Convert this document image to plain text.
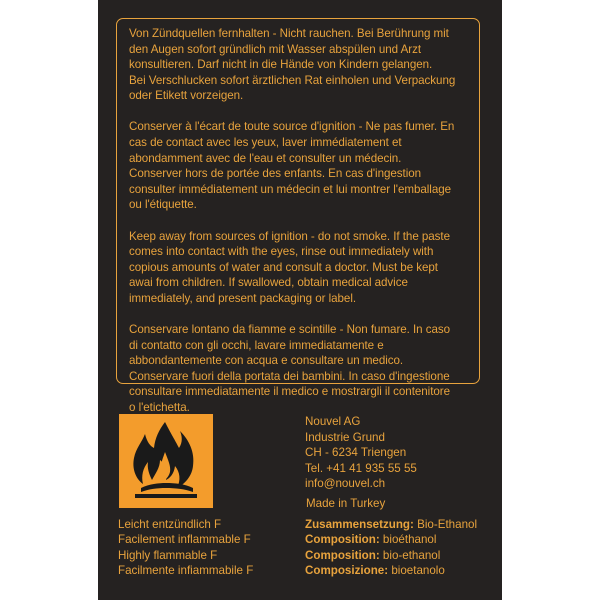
Von Zündquellen fernhalten - Nicht rauchen. Bei Berührung mit
den Augen sofort gründlich mit Wasser abspülen und Arzt
konsultieren. Darf nicht in die Hände von Kindern gelangen.
Bei Verschlucken sofort ärztlichen Rat einholen und Verpackung
oder Etikett vorzeigen.

Conserver à l'écart de toute source d'ignition - Ne pas fumer. En
cas de contact avec les yeux, laver immédiatement et
abondamment avec de l'eau et consulter un médecin.
Conserver hors de portée des enfants. En cas d'ingestion
consulter immédiatement un médecin et lui montrer l'emballage
ou l'étiquette.

Keep away from sources of ignition - do not smoke. If the paste
comes into contact with the eyes, rinse out immediately with
copious amounts of water and consult a doctor. Must be kept
awai from children. If swallowed, obtain medical advice
immediately, and present packaging or label.

Conservare lontano da fiamme e scintille - Non fumare. In caso
di contatto con gli occhi, lavare immediatamente e
abbondantemente con acqua e consultare un medico.
Conservare fuori della portata dei bambini. In caso d'ingestione
consultare immediatamente il medico e mostrargli il contenitore
o l'etichetta.

Leicht entzündlich F
Facilement inflammable F
Highly flammable F
Facilmente infiammabile F
Nouvel AG
Industrie Grund
CH - 6234 Triengen
Tel. +41 41 935 55 55
info@nouvel.ch
Made in Turkey
Zusammensetzung: Bio-Ethanol
Composition: bioéthanol
Composition: bio-ethanol
Composizione: bioetanolo
